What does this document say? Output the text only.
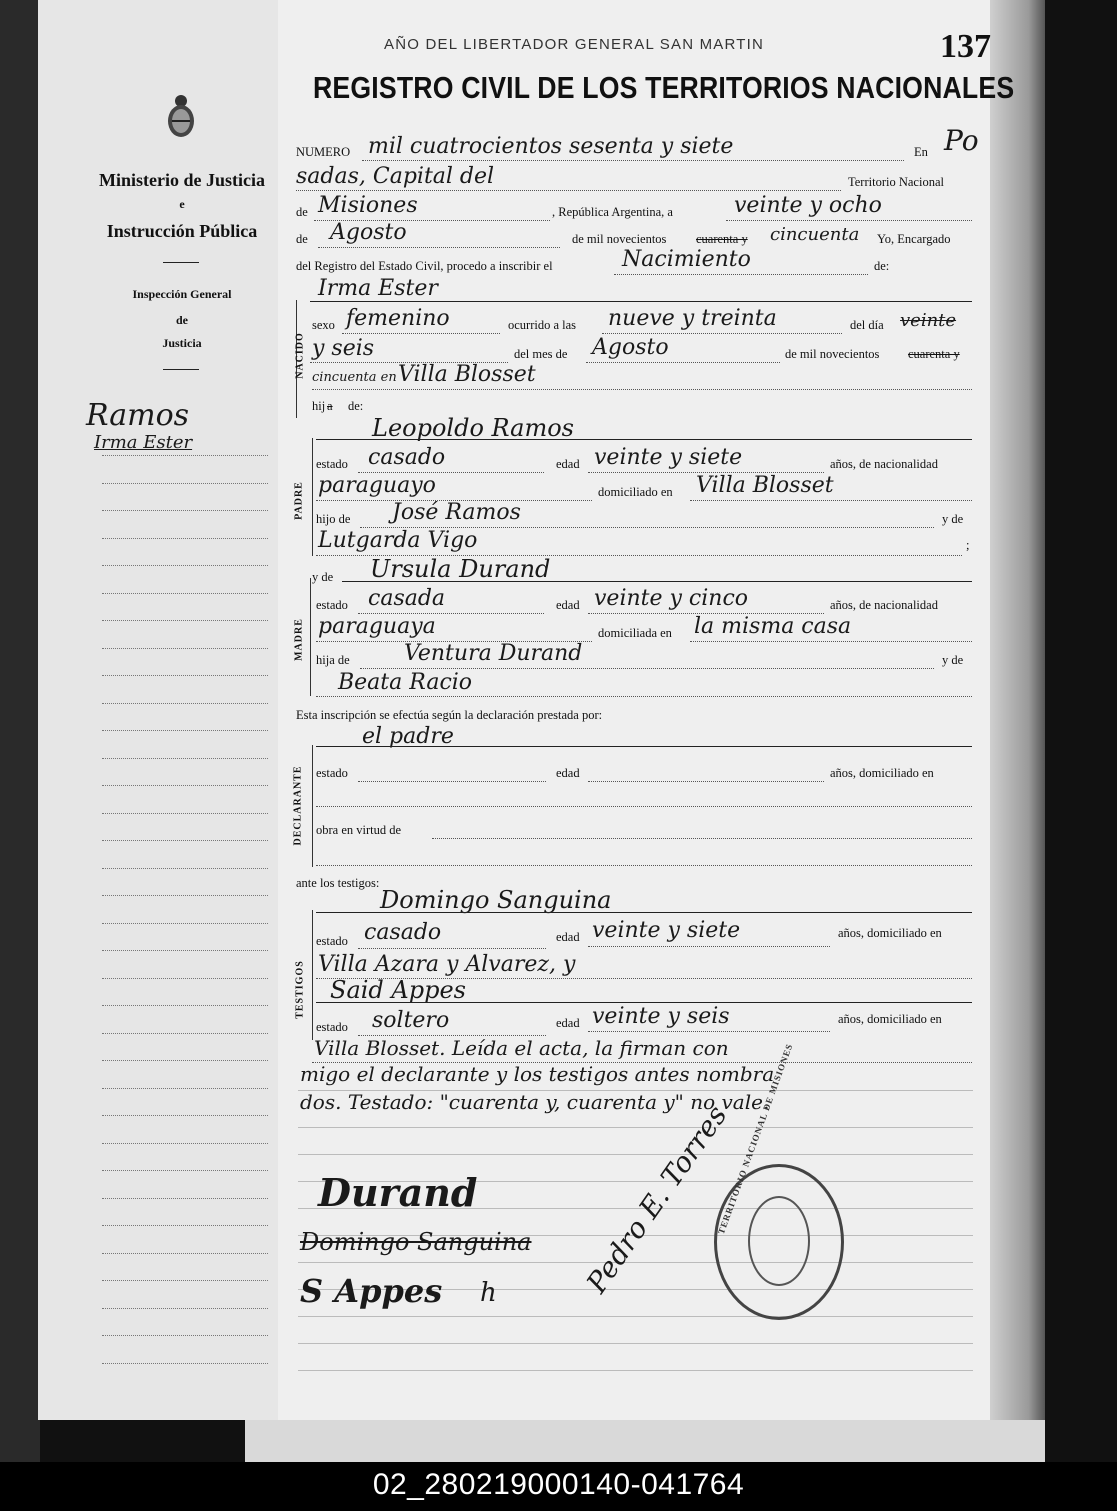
Ministerio de Justicia
e
Instrucción Pública
Inspección General
de
Justicia
Ramos
Irma Ester
AÑO DEL LIBERTADOR GENERAL SAN MARTIN	137
REGISTRO CIVIL DE LOS TERRITORIOS NACIONALES
NUMERO mil cuatrocientos sesenta y siete	En Po
sadas, Capital del	Territorio Nacional
de Misiones	, República Argentina, a	veinte y ocho
de Agosto	de mil novecientos cuarenta y cincuenta Yo, Encargado
del Registro del Estado Civil, procedo a inscribir el	Nacimiento	de:
NACIDO
Irma Ester
sexo femenino	ocurrido a las nueve y treinta	del día veinte
y seis	del mes de Agosto	de mil novecientos cuarenta y
cincuenta en Villa Blosset
hij a de:
PADRE
Leopoldo Ramos
estado casado	edad veinte y siete	años, de nacionalidad
paraguayo	domiciliado en Villa Blosset
hijo de José Ramos	y de
Lutgarda Vigo	;
MADRE
y de Ursula Durand
estado casada	edad veinte y cinco	años, de nacionalidad
paraguaya	domiciliada en la misma casa
hija de Ventura Durand	y de
Beata Racio
Esta inscripción se efectúa según la declaración prestada por:
DECLARANTE
el padre
estado	edad	años, domiciliado en
obra en virtud de
ante los testigos:
TESTIGOS
Domingo Sanguina
estado casado	edad veinte y siete	años, domiciliado en
Villa Azara y Alvarez, y
Said Appes
estado soltero	edad veinte y seis	años, domiciliado en
Villa Blosset. Leída el acta, la firman con
migo el declarante y los testigos antes nombra
dos. Testado: "cuarenta y, cuarenta y" no vale.
Durand
Domingo Sanguina
S Appes h	Pedro E. Torres
TERRITORIO NACIONAL DE MISIONES
02_280219000140-041764
